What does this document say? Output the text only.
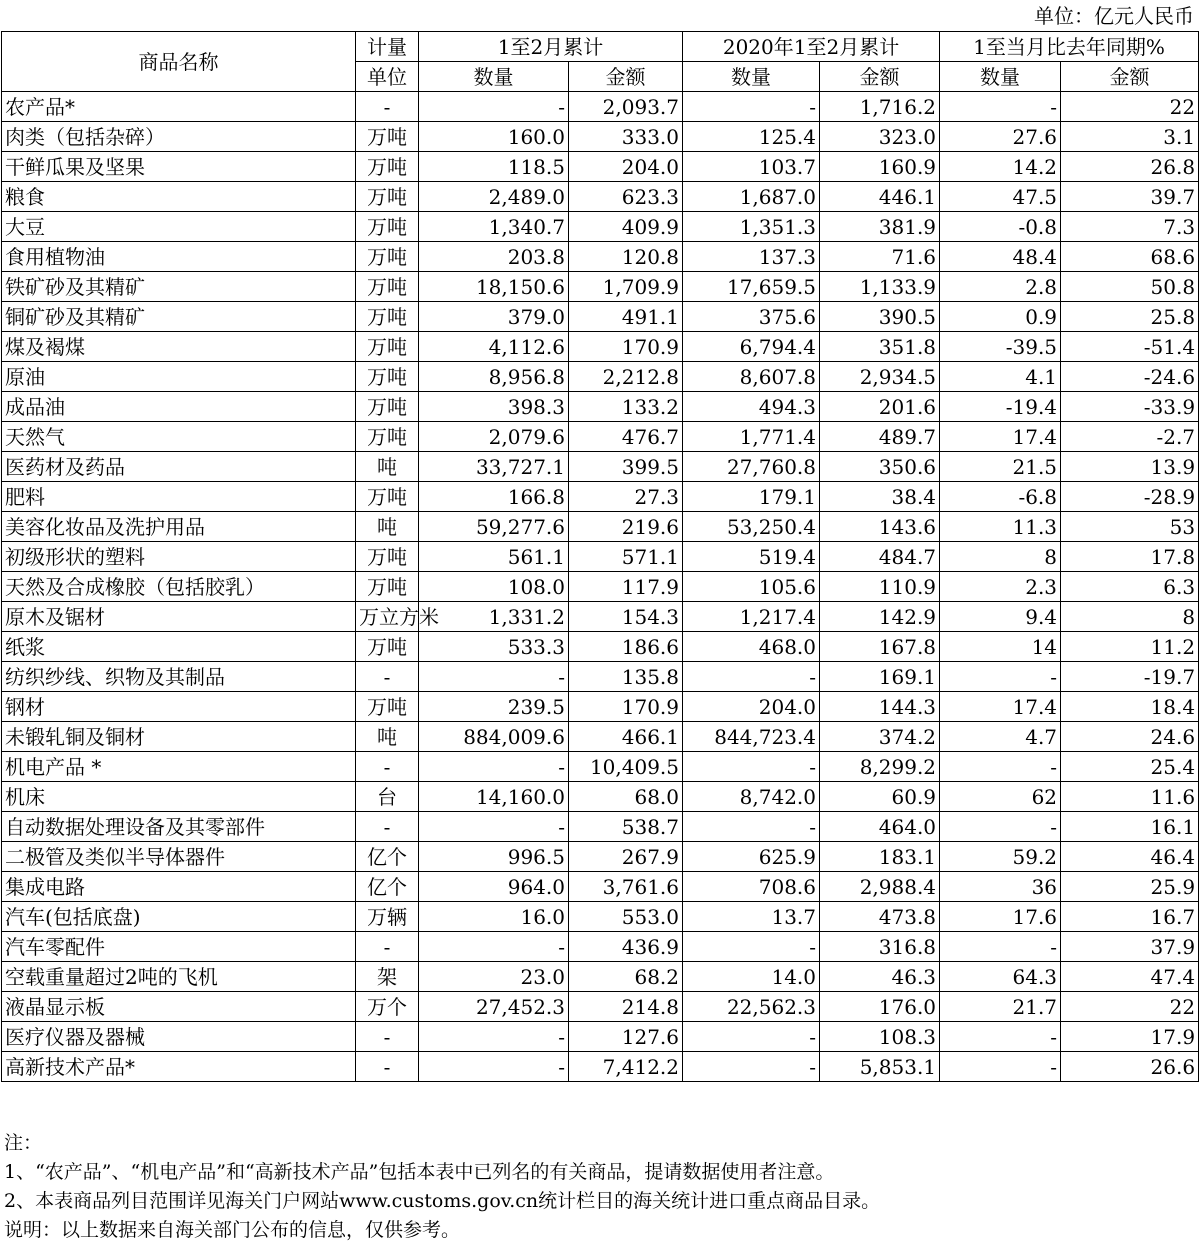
单位：亿元人民币
商品名称	计量	1至2月累计		2020年1至2月累计		1至当月比去年同期%	
	单位	数量	金额	数量	金额	数量	金额
农产品*	-	-	2,093.7	-	1,716.2	-	22
肉类（包括杂碎）	万吨	160.0	333.0	125.4	323.0	27.6	3.1
干鲜瓜果及坚果	万吨	118.5	204.0	103.7	160.9	14.2	26.8
粮食	万吨	2,489.0	623.3	1,687.0	446.1	47.5	39.7
大豆	万吨	1,340.7	409.9	1,351.3	381.9	-0.8	7.3
食用植物油	万吨	203.8	120.8	137.3	71.6	48.4	68.6
铁矿砂及其精矿	万吨	18,150.6	1,709.9	17,659.5	1,133.9	2.8	50.8
铜矿砂及其精矿	万吨	379.0	491.1	375.6	390.5	0.9	25.8
煤及褐煤	万吨	4,112.6	170.9	6,794.4	351.8	-39.5	-51.4
原油	万吨	8,956.8	2,212.8	8,607.8	2,934.5	4.1	-24.6
成品油	万吨	398.3	133.2	494.3	201.6	-19.4	-33.9
天然气	万吨	2,079.6	476.7	1,771.4	489.7	17.4	-2.7
医药材及药品	吨	33,727.1	399.5	27,760.8	350.6	21.5	13.9
肥料	万吨	166.8	27.3	179.1	38.4	-6.8	-28.9
美容化妆品及洗护用品	吨	59,277.6	219.6	53,250.4	143.6	11.3	53
初级形状的塑料	万吨	561.1	571.1	519.4	484.7	8	17.8
天然及合成橡胶（包括胶乳）	万吨	108.0	117.9	105.6	110.9	2.3	6.3
原木及锯材	万立方米	1,331.2	154.3	1,217.4	142.9	9.4	8
纸浆	万吨	533.3	186.6	468.0	167.8	14	11.2
纺织纱线、织物及其制品	-	-	135.8	-	169.1	-	-19.7
钢材	万吨	239.5	170.9	204.0	144.3	17.4	18.4
未锻轧铜及铜材	吨	884,009.6	466.1	844,723.4	374.2	4.7	24.6
机电产品 *	-	-	10,409.5	-	8,299.2	-	25.4
机床	台	14,160.0	68.0	8,742.0	60.9	62	11.6
自动数据处理设备及其零部件	-	-	538.7	-	464.0	-	16.1
二极管及类似半导体器件	亿个	996.5	267.9	625.9	183.1	59.2	46.4
集成电路	亿个	964.0	3,761.6	708.6	2,988.4	36	25.9
汽车(包括底盘)	万辆	16.0	553.0	13.7	473.8	17.6	16.7
汽车零配件	-	-	436.9	-	316.8	-	37.9
空载重量超过2吨的飞机	架	23.0	68.2	14.0	46.3	64.3	47.4
液晶显示板	万个	27,452.3	214.8	22,562.3	176.0	21.7	22
医疗仪器及器械	-	-	127.6	-	108.3	-	17.9
高新技术产品*	-	-	7,412.2	-	5,853.1	-	26.6
注：
1、“农产品”、“机电产品”和“高新技术产品”包括本表中已列名的有关商品，提请数据使用者注意。
2、本表商品列目范围详见海关门户网站www.customs.gov.cn统计栏目的海关统计进口重点商品目录。
说明：以上数据来自海关部门公布的信息，仅供参考。
